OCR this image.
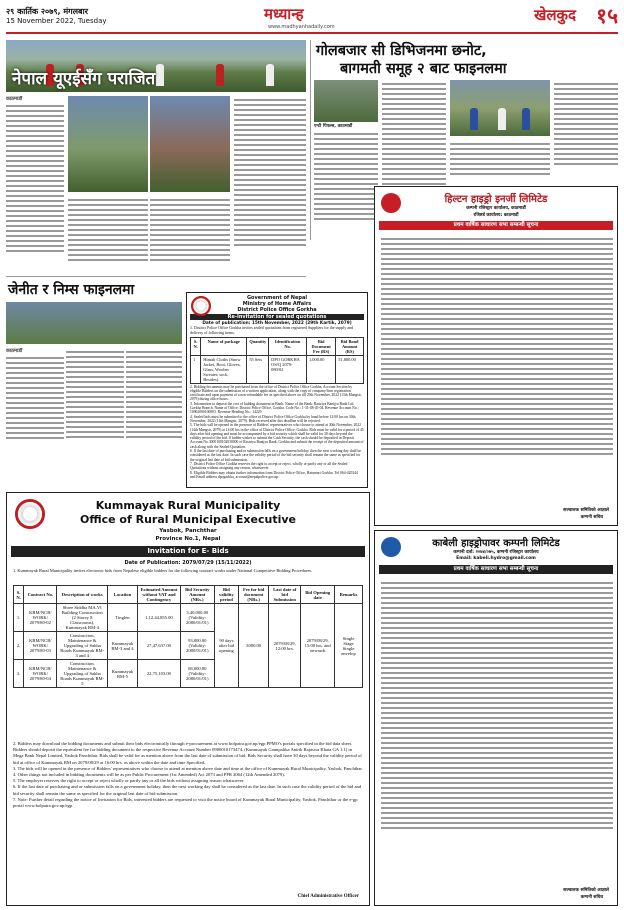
२९ कार्तिक २०७९, मंगलबार
15 November 2022, Tuesday	मध्यान्ह
www.madhyanhadaily.com
खेलकुद १५
नेपाल यूएईसँग पराजित
काठमाडौं
गोलबजार सी डिभिजनमा छनोट,
बागमती समूह २ बाट फाइनलमा
एन्टी पिपल्स, काठमाडौं
जेनीत र निम्स फाइनलमा
काठमाडौं
Government of Nepal
Ministry of Home Affairs
District Police Office Gorkha
Re-Invitation for sealed quotations
Date of publication: 15th November, 2022 (29th Kartik, 2079)
1. District Police Office Gorkha invites sealed quotations from registered Suppliers for the supply and delivery of following items:
S. N.	Name of package	Quantity	Identification No.	Bid Document Fee (RS)	Bid Bond Amount (RS)
1	Himali Cloths (Snow Jacket, Boot, Gloves, Glass, Woolen Sweater, sock, Besides)	55 Sets	DPO GORKHA OS/Q 2079-080/02	1,000.00	51,800.00
2. Bidding documents may be purchased from the office of District Police Office Gorkha, Account Section by eligible Bidders on the submission of a written application, along with the copy of company/firm registration certificate and upon payment of a non-refundable fee as specified above on till 29th November, 2022 (13th Mangsir, 2079) during office hours.
3. Information to deposit the cost of bidding document in Bank: Name of the Bank: Rastriya Banijya Bank Ltd. Gorkha Branch. Name of Office: District Police Office, Gorkha. Code No.: 1-31-48-45-04. Revenue Account No.: 10002000100003. Revenue Heading No.: 14229
4. Sealed bids must be submitted to the office of District Police Office Gorkha by hand before 12:00 hrs on 30th November, 2022 (14th Mangsir, 2079). Bids received after this deadline will be rejected.
5. The bids will be opened in the presence of Bidders' representatives who choose to attend at 30th November, 2022 (14th Mangsir, 2079) at 14:00 hrs in the office of District Police Office, Gorkha. Bids must be valid for a period of 45 days after bid opening and must be accompanied by a bid security which shall be valid for 30 days beyond the validity period of the bid. If bidder wishes to submit the Cash Security, the cash should be deposited in Deposit Account No.3000100102030000 of Rastriya Banijya Bank, Gorkha and submit the receipt of the deposited amount of cash along with the Sealed Quotation.
6. If the last date of purchasing and/or submission falls on a government holiday, then the next working day shall be considered as the last date. In such case the validity period of the bid security shall remain the same as specified for the original last date of bid submission.
7. District Police Office Gorkha reserves the right to accept or reject, wholly or partly any or all the Sealed Quotations without assigning any reason, whatsoever.
8. Eligible Bidders may obtain further information from District Police Office, Hatuntari Gorkha. Tel 064-420244 and Email address dpogorkha_account@nepalpolice.gov.np.
Kummayak Rural Municipality
Office of Rural Municipal Executive
Yasbok, Panchthar
Province No.1, Nepal
Invitation for E- Bids
Date of Publication: 2079/07/29 (15/11/2022)
1. Kummayak Rural Municipality invites electronic bids from Nepalese eligible bidders for the following contract works under National Competitive Bidding Procedures.
S. N.	Contract No.	Description of works	Location	Estimated Amount without VAT and Contingency	Bid Security Amount (NRs.)	Bid validity period	Fee for bid document (NRs.)	Last date of bid Submission	Bid Opening date	Remarks
1.	KRM/NCB/ WORK/ 2079/80-02	Shree Siddha MA.VI Building Construction (2 Storey 8 Classrooms), Kummayak RM-4	Tinglen	1,12,44,855.00	3,40,000.00 (Validity: 2080/01/01)	90 days after bid opening	3000.00	2079/08/29, 12:00 hrs.	2079/08/29, 15:00 hrs. and onwards	Single Stage Single envelop
2.	KRM/NCB/ WORK/ 2079/80-03	Construction, Maintenance & Upgrading of Sakha Roads Kummayak RM-3 and 4	Kummayak RM-3 and 4	27,47,637.00	93,000.00 (Validity: 2080/01/01)					
3.	KRM/NCB/ WORK/ 2079/80-04	Construction, Maintenance & Upgrading of Sakha Roads Kummayak RM-5	Kummayak RM-5	22,75,103.00	68,000.00 (Validity: 2080/01/01)					
2. Bidders may download the bidding documents and submit their bids electronically through e-procurement at www.bolpatra.gov.np/egp PPMO's portals specified in the bid data sheet. Bidders should deposit the equivalent fee for bidding document to the respective Revenue Account Number 0900010173474, (Kummayak Gaunpalika Antrik Rajaswa Khata GA 1.1) in Mega Bank Nepal Limited, Yasbok Panchthar. Bids shall be valid for as mention above from the last date of submission of bid. Bids Security shall have 30 days beyond the validity period of bid at office of Kummayak RM on 2079/08/29 at 16:00 hrs. as above within the date and time Specified.
3. The bids will be opened in the presence of Bidders' representatives who choose to attend at mention above date and time at the office of Kummayak Rural Municipality, Yasbok, Panchthar.
4. Other things not included in bidding documents will be as per Public Procurement (1st Amended) Act 2073 and PPR 2064 (12th Amended 2079).
5. The employer reserves the right to accept or reject wholly or partly any or all the bids without assigning reason whatsoever.
6. If the last date of purchasing and or submission falls on a government holiday, then the next working day shall be considered as the last date. In such case the validity period of the bid and bid security shall remain the same as specified for the original last date of bid submission.
7. Note: Further detail regarding the notice of Invitation for Bids, interested bidders are requested to visit the notice board of Kummayak Rural Municipality, Yasbok, Panchthar or the e-gp portal www.bolpatra.gov.np/egp.
Chief Administrative Officer
हिल्टन हाइड्रो इनर्जी लिमिटेड
कम्पनी रजिस्ट्रार कार्यालय, काठमाडौं
रजिष्टर्ड कार्यालय: काठमाडौं
प्रथम वार्षिक साधारण सभा सम्बन्धी सूचना
सञ्चालक समितिको आज्ञाले
कम्पनी सचिव
काबेली हाइड्रोपावर कम्पनी लिमिटेड
कम्पनी दर्ता: २०७४/०७५, कम्पनी रजिस्ट्रार कार्यालय
Email: kabeli.hydro@gmail.com
प्रथम वार्षिक साधारण सभा सम्बन्धी सूचना
सञ्चालक समितिको आज्ञाले
कम्पनी सचिव
